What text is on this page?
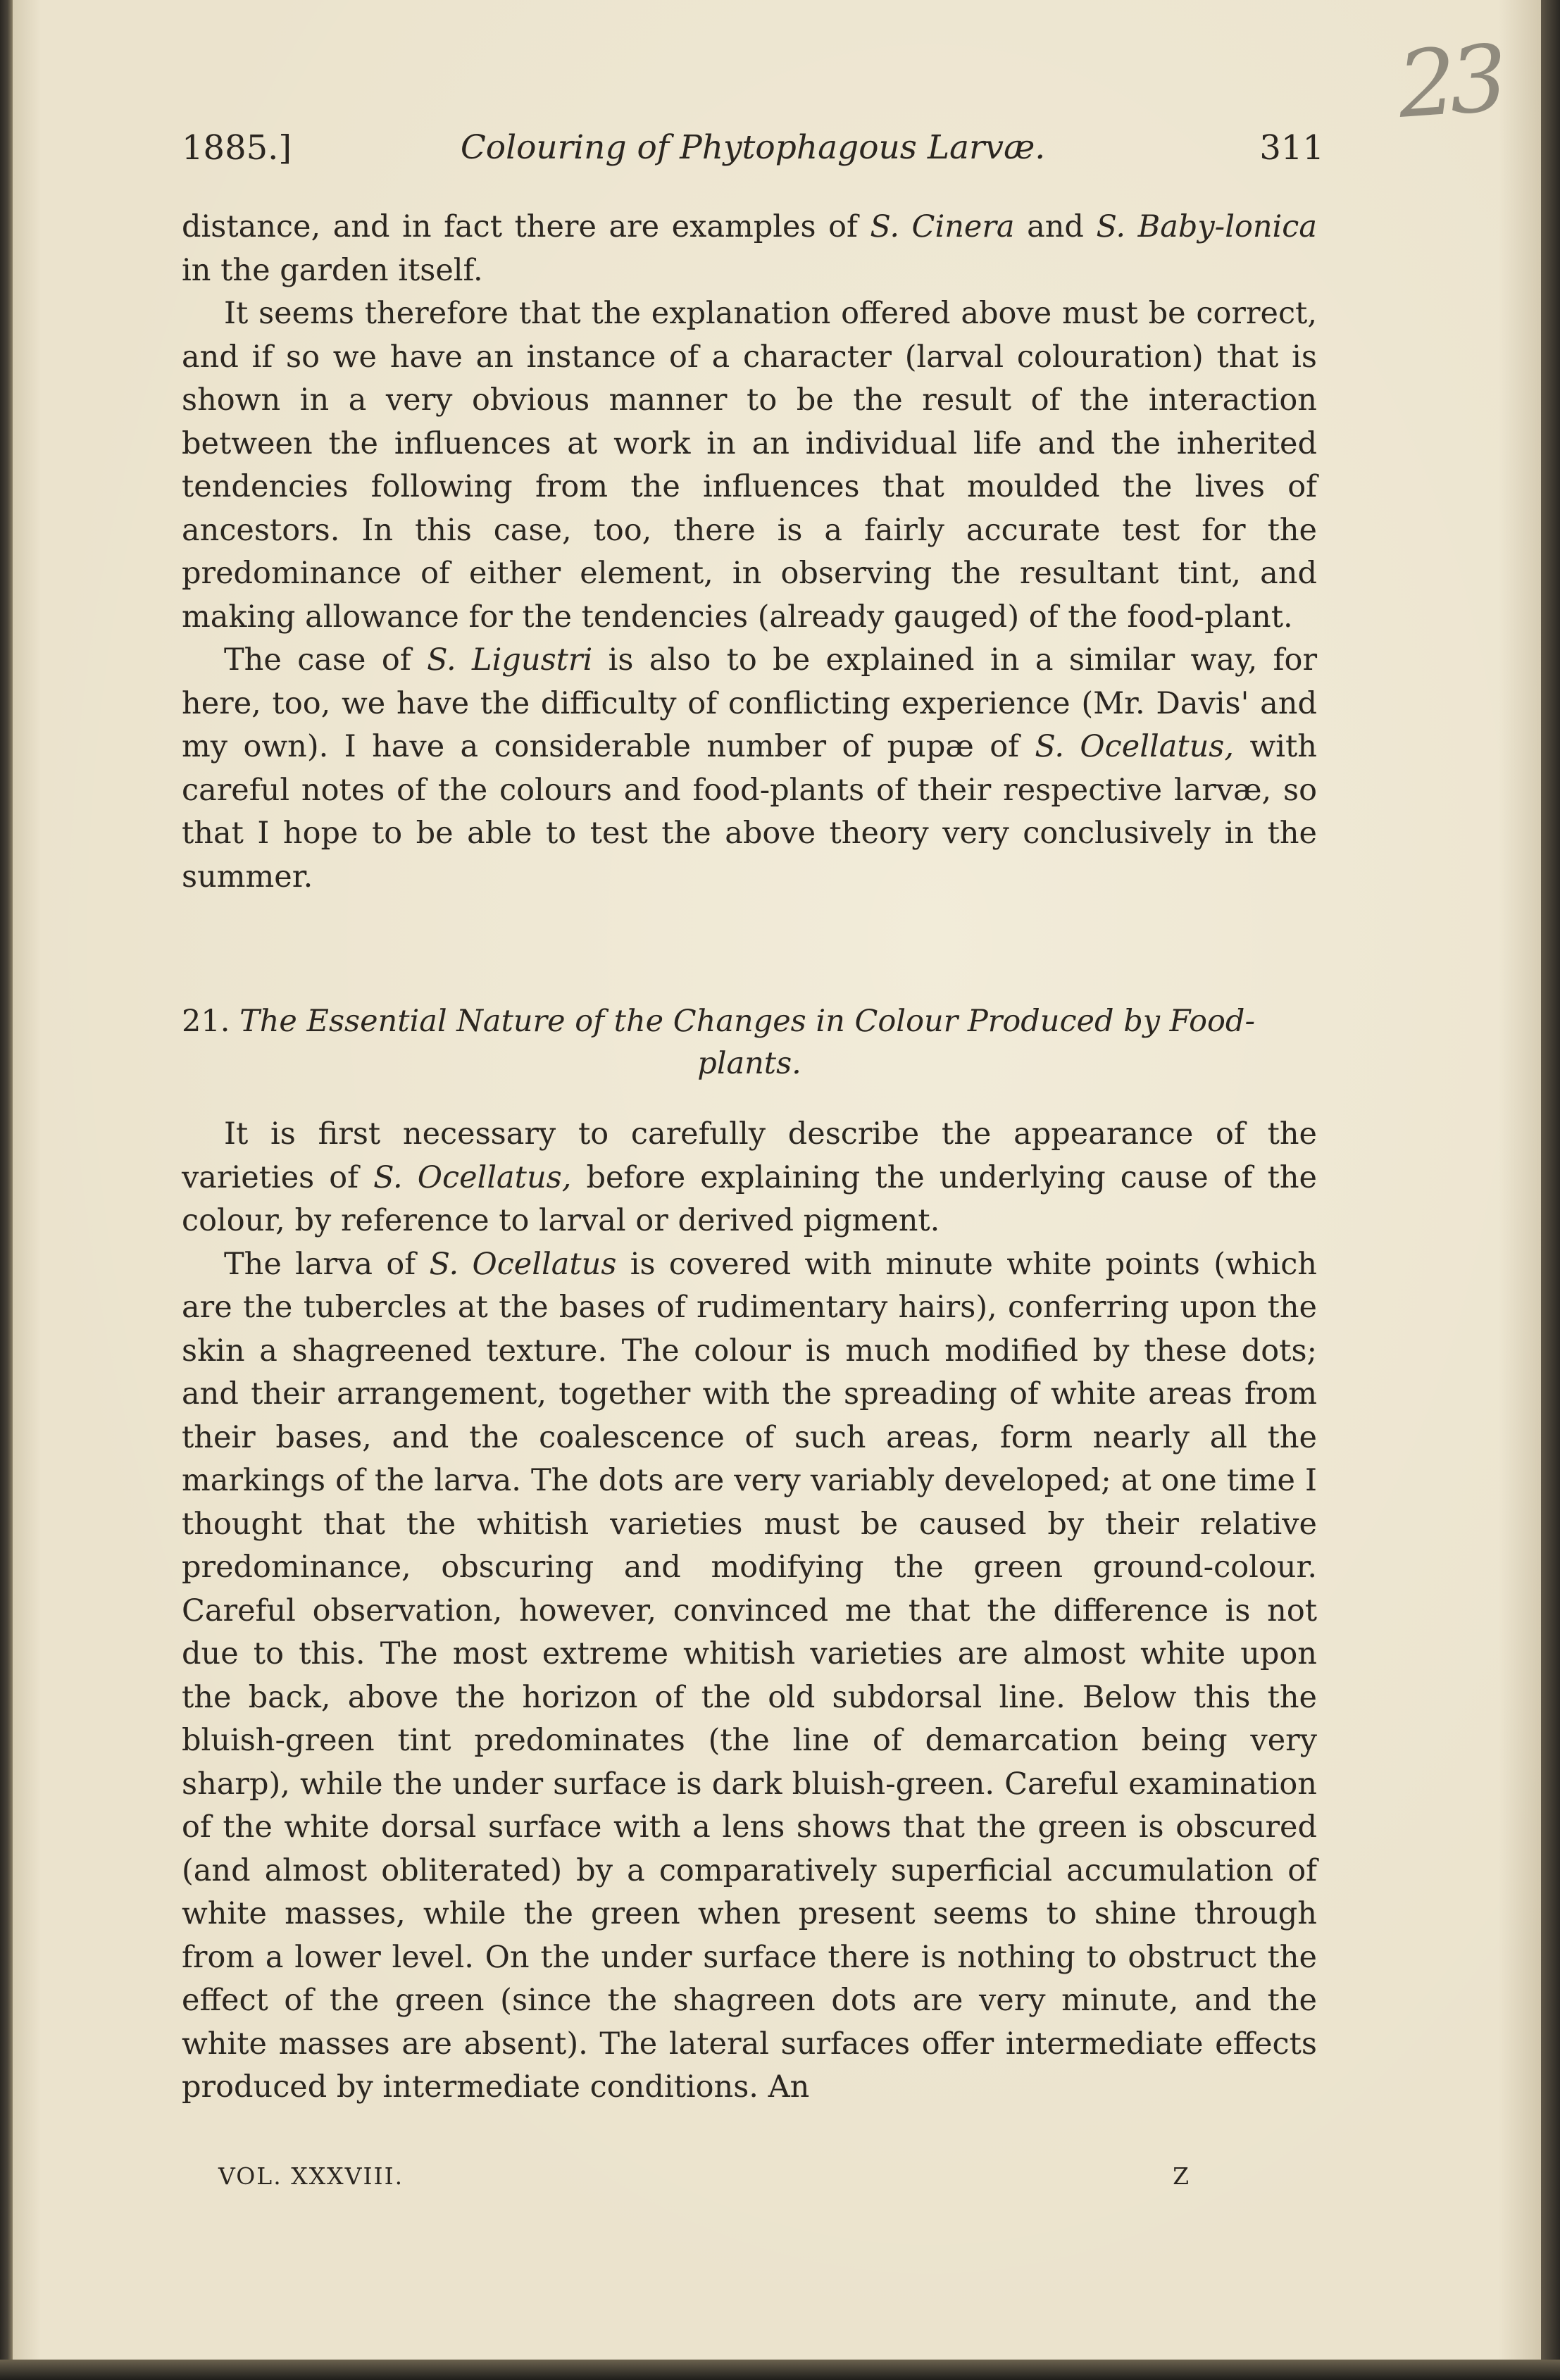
23
1885.]	Colouring of Phytophagous Larvæ.	311

distance, and in fact there are examples of S. Cinera and S. Baby-lonica in the garden itself.

It seems therefore that the explanation offered above must be correct, and if so we have an instance of a character (larval colouration) that is shown in a very obvious manner to be the result of the interaction between the influences at work in an individual life and the inherited tendencies following from the influences that moulded the lives of ancestors. In this case, too, there is a fairly accurate test for the predominance of either element, in observing the resultant tint, and making allowance for the tendencies (already gauged) of the food-plant.

The case of S. Ligustri is also to be explained in a similar way, for here, too, we have the difficulty of conflicting experience (Mr. Davis' and my own). I have a considerable number of pupæ of S. Ocellatus, with careful notes of the colours and food-plants of their respective larvæ, so that I hope to be able to test the above theory very conclusively in the summer.

21. The Essential Nature of the Changes in Colour Produced by Food-
plants.

It is first necessary to carefully describe the appearance of the varieties of S. Ocellatus, before explaining the underlying cause of the colour, by reference to larval or derived pigment.

The larva of S. Ocellatus is covered with minute white points (which are the tubercles at the bases of rudimentary hairs), conferring upon the skin a shagreened texture. The colour is much modified by these dots; and their arrangement, together with the spreading of white areas from their bases, and the coalescence of such areas, form nearly all the markings of the larva. The dots are very variably developed; at one time I thought that the whitish varieties must be caused by their relative predominance, obscuring and modifying the green ground-colour. Careful observation, however, convinced me that the difference is not due to this. The most extreme whitish varieties are almost white upon the back, above the horizon of the old subdorsal line. Below this the bluish-green tint predominates (the line of demarcation being very sharp), while the under surface is dark bluish-green. Careful examination of the white dorsal surface with a lens shows that the green is obscured (and almost obliterated) by a comparatively superficial accumulation of white masses, while the green when present seems to shine through from a lower level. On the under surface there is nothing to obstruct the effect of the green (since the shagreen dots are very minute, and the white masses are absent). The lateral surfaces offer intermediate effects produced by intermediate conditions. An

VOL. XXXVIII.	Z
